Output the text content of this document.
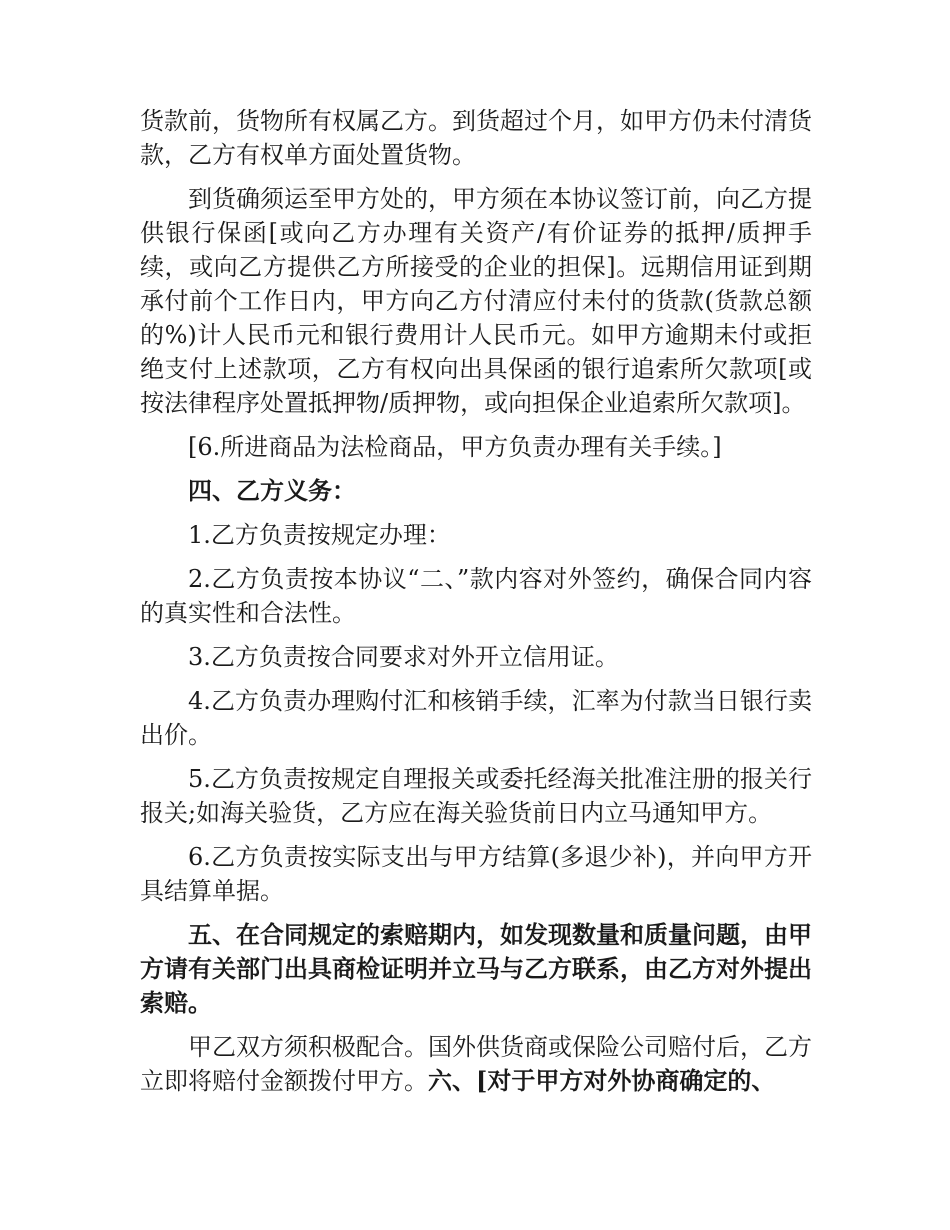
货款前，货物所有权属乙方。到货超过个月，如甲方仍未付清货款，乙方有权单方面处置货物。

到货确须运至甲方处的，甲方须在本协议签订前，向乙方提供银行保函[或向乙方办理有关资产/有价证券的抵押/质押手续，或向乙方提供乙方所接受的企业的担保]。远期信用证到期承付前个工作日内，甲方向乙方付清应付未付的货款(货款总额的%)计人民币元和银行费用计人民币元。如甲方逾期未付或拒绝支付上述款项，乙方有权向出具保函的银行追索所欠款项[或按法律程序处置抵押物/质押物，或向担保企业追索所欠款项]。

[6.所进商品为法检商品，甲方负责办理有关手续。]

四、乙方义务：

1.乙方负责按规定办理：

2.乙方负责按本协议“二、”款内容对外签约，确保合同内容的真实性和合法性。

3.乙方负责按合同要求对外开立信用证。

4.乙方负责办理购付汇和核销手续，汇率为付款当日银行卖出价。

5.乙方负责按规定自理报关或委托经海关批准注册的报关行报关;如海关验货，乙方应在海关验货前日内立马通知甲方。

6.乙方负责按实际支出与甲方结算(多退少补)，并向甲方开具结算单据。

五、在合同规定的索赔期内，如发现数量和质量问题，由甲方请有关部门出具商检证明并立马与乙方联系，由乙方对外提出索赔。

甲乙双方须积极配合。国外供货商或保险公司赔付后，乙方立即将赔付金额拨付甲方。六、[对于甲方对外协商确定的、
